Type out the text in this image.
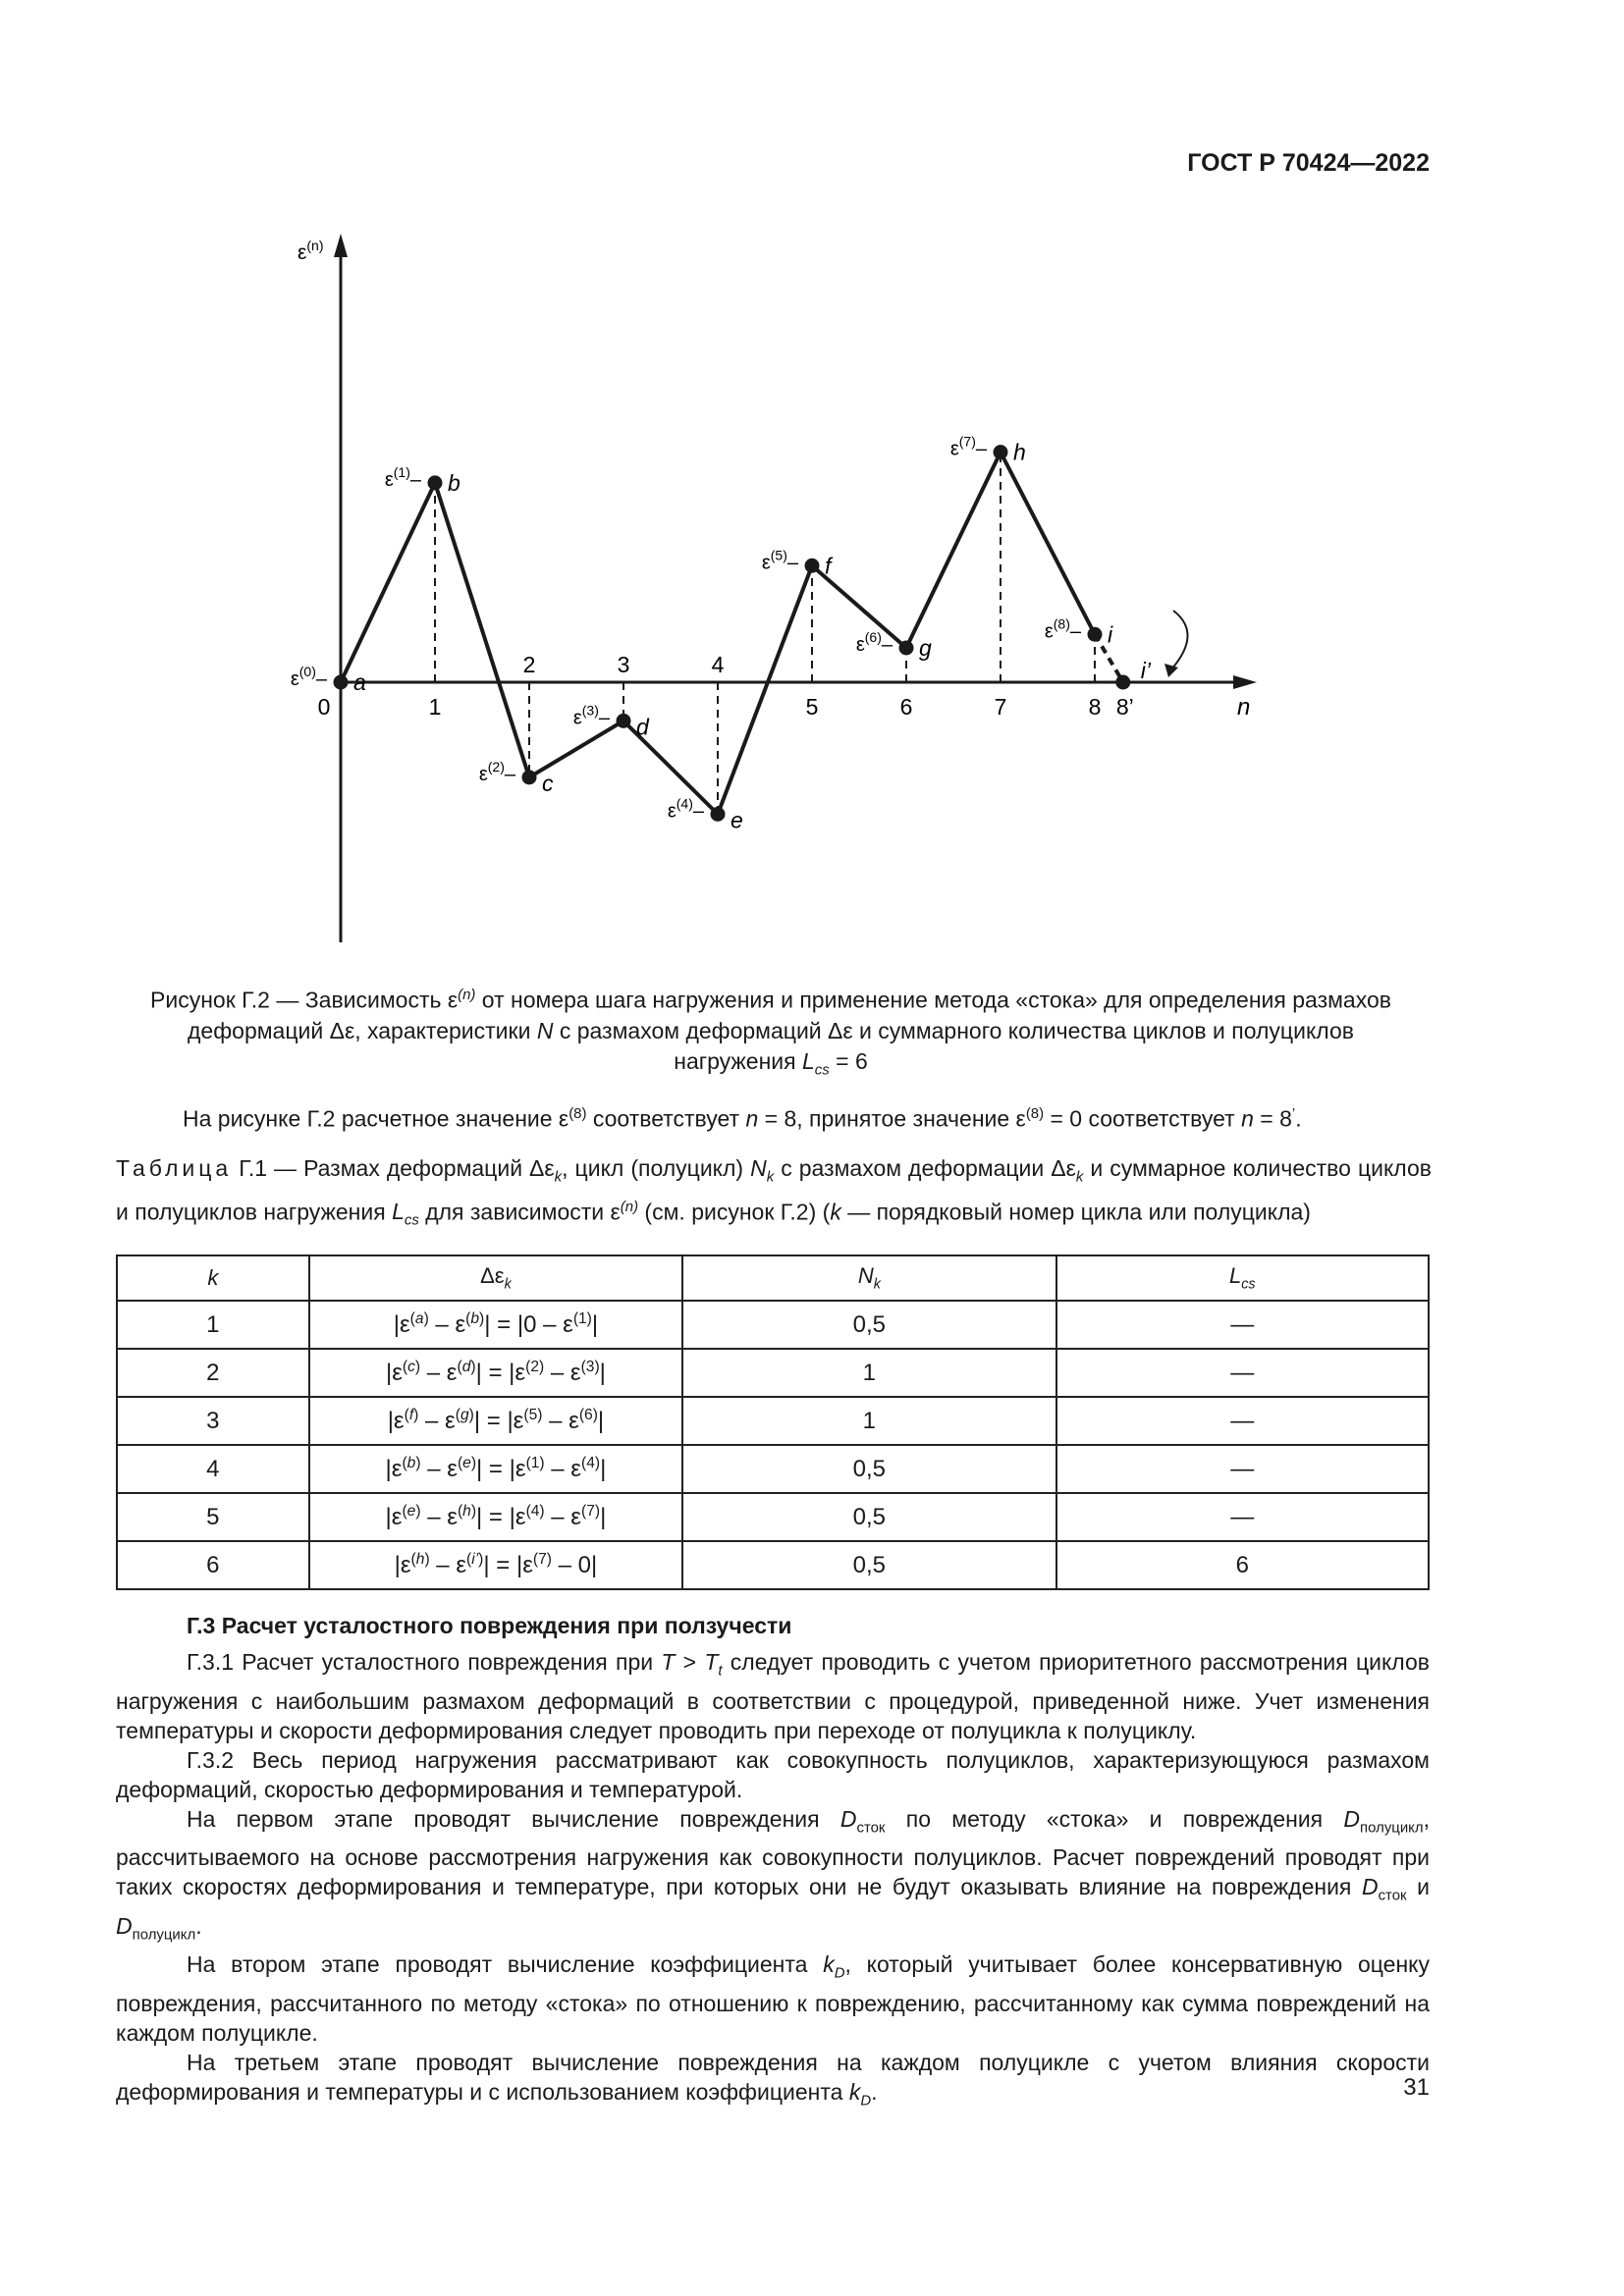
ГОСТ Р 70424—2022
$\varepsilon^{(n)}$
n
a
$\varepsilon^{(0)}-$
0
b
$\varepsilon^{(1)}-$
1
c
$\varepsilon^{(2)}-$
2
d
$\varepsilon^{(3)}-$
3
e
$\varepsilon^{(4)}-$
4
f
$\varepsilon^{(5)}-$
5
g
$\varepsilon^{(6)}-$
6
h
$\varepsilon^{(7)}-$
7
i
$\varepsilon^{(8)}-$
8
i’
8’
Рисунок Г.2 — Зависимость $\varepsilon^{(n)}$ от номера шага нагружения и применение метода «стока» для определения размахов деформаций Δε, характеристики N с размахом деформаций Δε и суммарного количества циклов и полуциклов нагружения $L_{cs} = 6$
На рисунке Г.2 расчетное значение $\varepsilon^{(8)}$ соответствует n = 8, принятое значение $\varepsilon^{(8)} = 0$ соответствует n = 8’.
Таблица Г.1 — Размах деформаций $\Delta\varepsilon_k$, цикл (полуцикл) $N_k$ с размахом деформации $\Delta\varepsilon_k$ и суммарное количество циклов и полуциклов нагружения $L_{cs}$ для зависимости $\varepsilon^{(n)}$ (см. рисунок Г.2) (k — порядковый номер цикла или полуцикла)
k	$\Delta\varepsilon_k$	$N_k$	$L_{cs}$
1	$|\varepsilon^{(a)} - \varepsilon^{(b)}| = |0 - \varepsilon^{(1)}|$	0,5	—
2	$|\varepsilon^{(c)} - \varepsilon^{(d)}| = |\varepsilon^{(2)} - \varepsilon^{(3)}|$	1	—
3	$|\varepsilon^{(f)} - \varepsilon^{(g)}| = |\varepsilon^{(5)} - \varepsilon^{(6)}|$	1	—
4	$|\varepsilon^{(b)} - \varepsilon^{(e)}| = |\varepsilon^{(1)} - \varepsilon^{(4)}|$	0,5	—
5	$|\varepsilon^{(e)} - \varepsilon^{(h)}| = |\varepsilon^{(4)} - \varepsilon^{(7)}|$	0,5	—
6	$|\varepsilon^{(h)} - \varepsilon^{(i’)}| = |\varepsilon^{(7)} - 0|$	0,5	6
Г.3 Расчет усталостного повреждения при ползучести

Г.3.1 Расчет усталостного повреждения при $T > T_t$ следует проводить с учетом приоритетного рассмотрения циклов нагружения с наибольшим размахом деформаций в соответствии с процедурой, приведенной ниже. Учет изменения температуры и скорости деформирования следует проводить при переходе от полуцикла к полуциклу.

Г.3.2 Весь период нагружения рассматривают как совокупность полуциклов, характеризующуюся размахом деформаций, скоростью деформирования и температурой.

На первом этапе проводят вычисление повреждения $D_{сток}$ по методу «стока» и повреждения $D_{полуцикл}$, рассчитываемого на основе рассмотрения нагружения как совокупности полуциклов. Расчет повреждений проводят при таких скоростях деформирования и температуре, при которых они не будут оказывать влияние на повреждения $D_{сток}$ и $D_{полуцикл}$.

На втором этапе проводят вычисление коэффициента $k_D$, который учитывает более консервативную оценку повреждения, рассчитанного по методу «стока» по отношению к повреждению, рассчитанному как сумма повреждений на каждом полуцикле.

На третьем этапе проводят вычисление повреждения на каждом полуцикле с учетом влияния скорости деформирования и температуры и с использованием коэффициента $k_D$.	31
